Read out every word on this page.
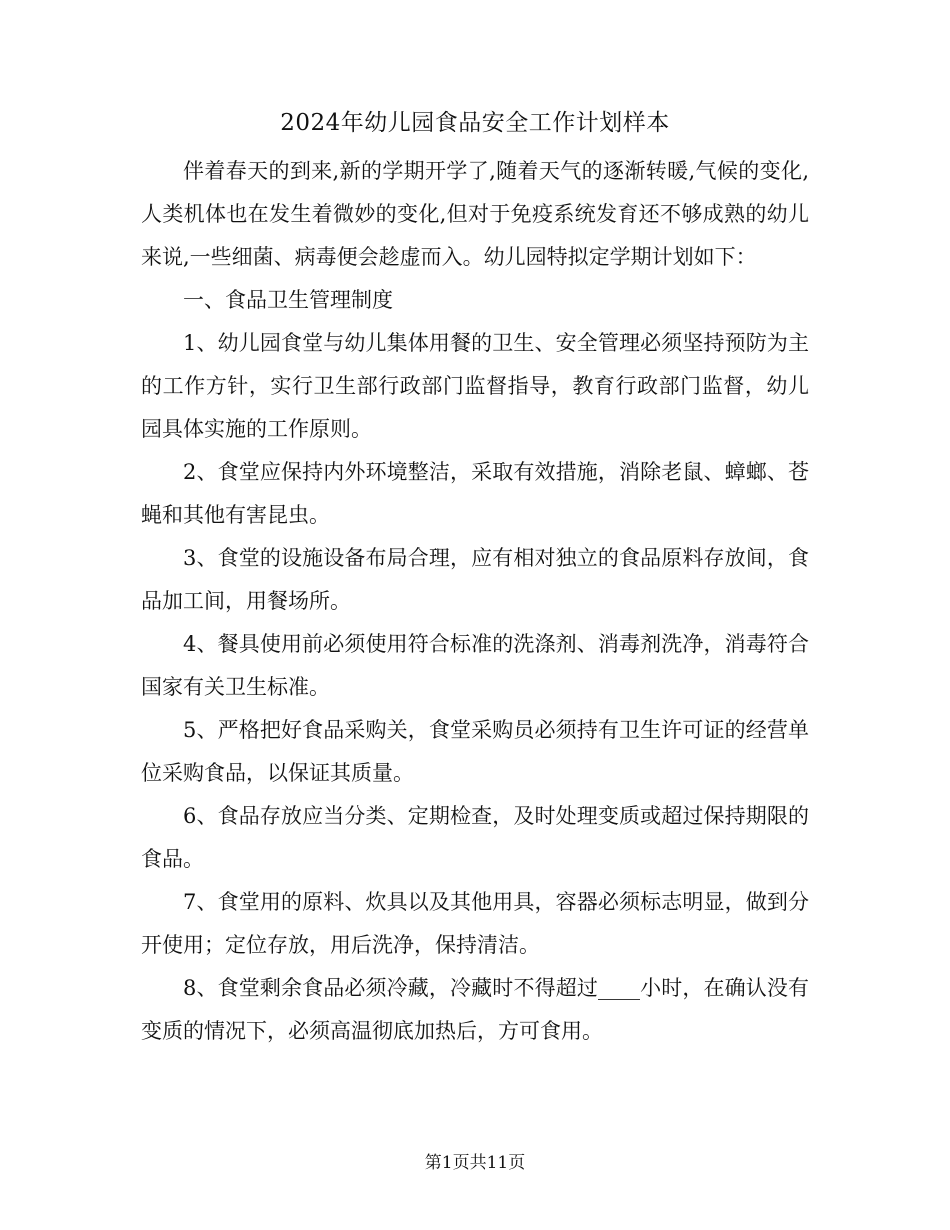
2024年幼儿园食品安全工作计划样本

伴着春天的到来,新的学期开学了,随着天气的逐渐转暖,气候的变化,人类机体也在发生着微妙的变化,但对于免疫系统发育还不够成熟的幼儿来说,一些细菌、病毒便会趁虚而入。幼儿园特拟定学期计划如下：

一、食品卫生管理制度

1、幼儿园食堂与幼儿集体用餐的卫生、安全管理必须坚持预防为主的工作方针，实行卫生部行政部门监督指导，教育行政部门监督，幼儿园具体实施的工作原则。

2、食堂应保持内外环境整洁，采取有效措施，消除老鼠、蟑螂、苍蝇和其他有害昆虫。

3、食堂的设施设备布局合理，应有相对独立的食品原料存放间，食品加工间，用餐场所。

4、餐具使用前必须使用符合标准的洗涤剂、消毒剂洗净，消毒符合国家有关卫生标准。

5、严格把好食品采购关，食堂采购员必须持有卫生许可证的经营单位采购食品，以保证其质量。

6、食品存放应当分类、定期检查，及时处理变质或超过保持期限的食品。

7、食堂用的原料、炊具以及其他用具，容器必须标志明显，做到分开使用；定位存放，用后洗净，保持清洁。

8、食堂剩余食品必须冷藏，冷藏时不得超过____小时，在确认没有变质的情况下，必须高温彻底加热后，方可食用。

第1页共11页
